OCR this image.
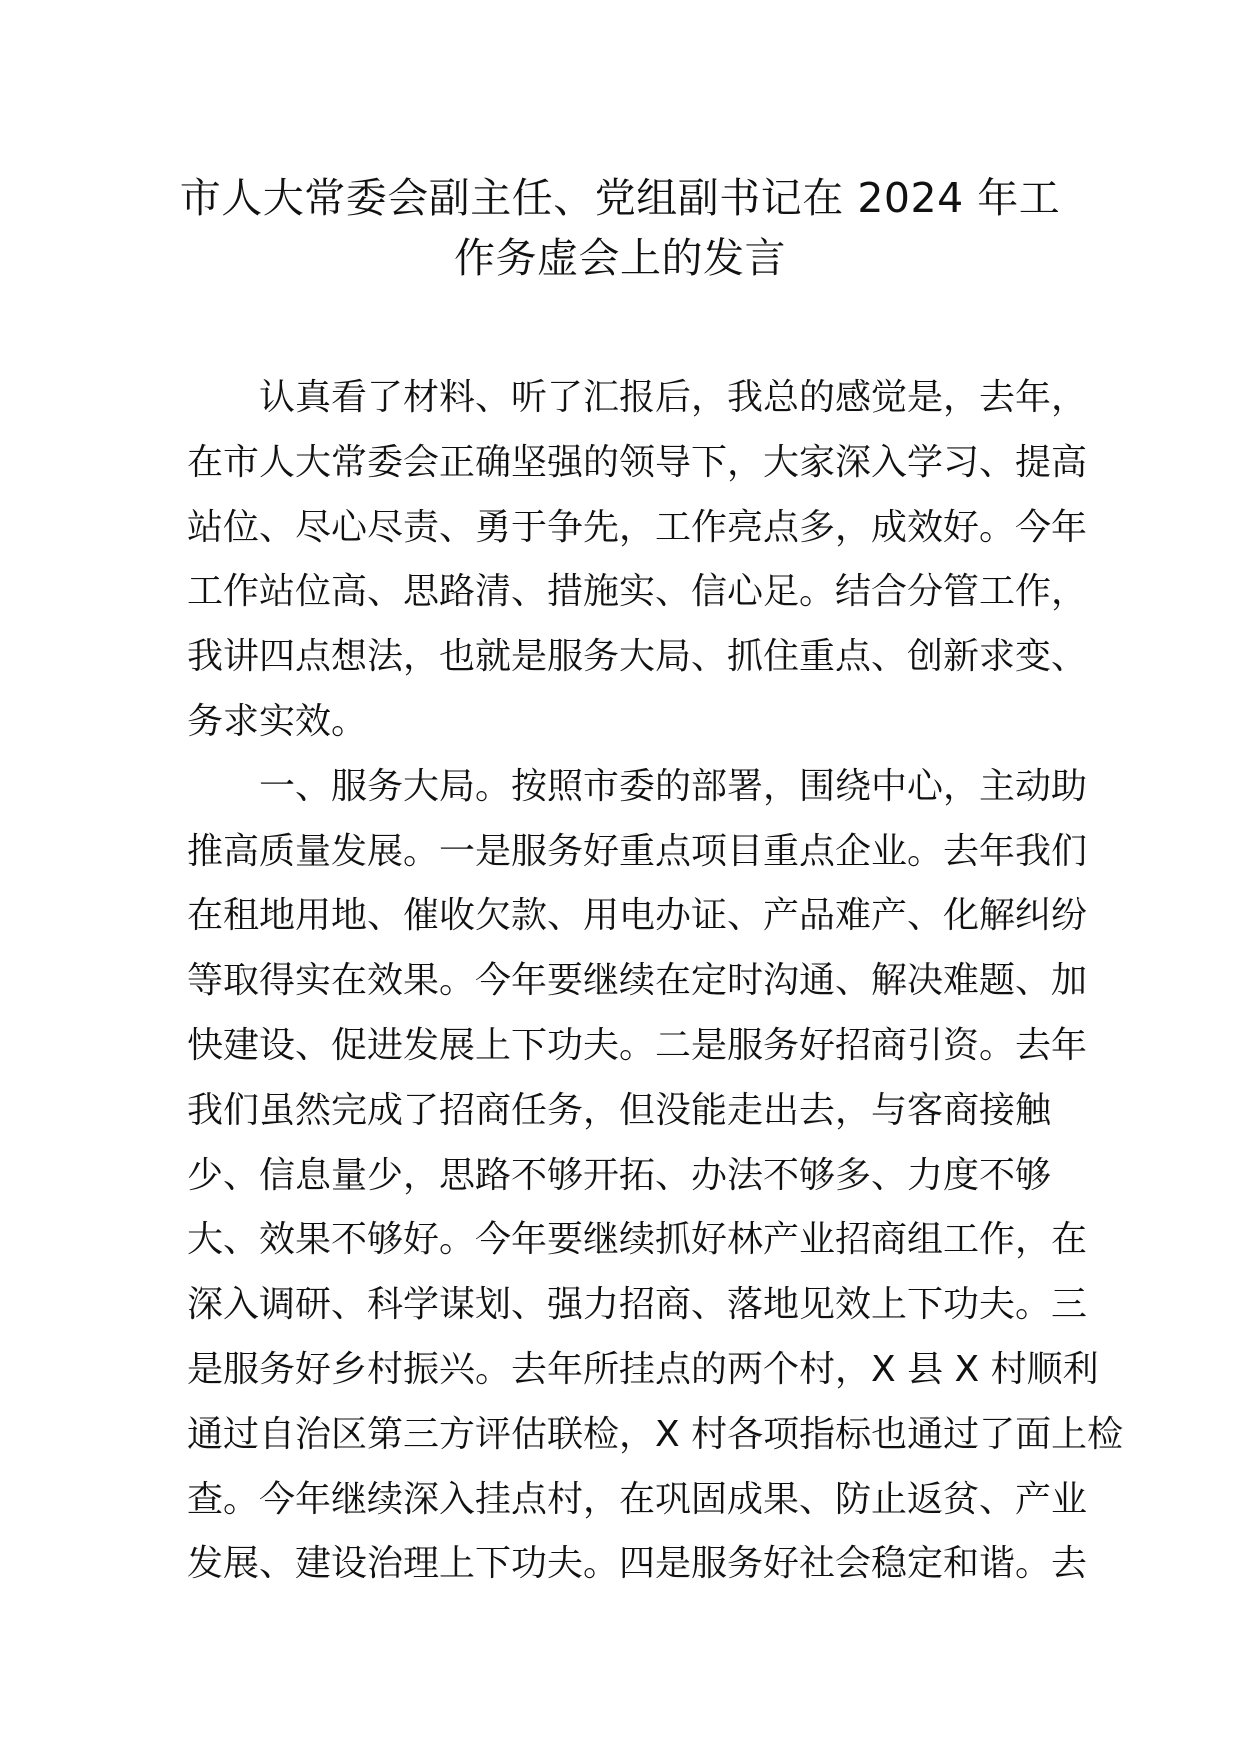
市人大常委会副主任、党组副书记在 2024 年工
作务虚会上的发言
认真看了材料、听了汇报后，我总的感觉是，去年，
在市人大常委会正确坚强的领导下，大家深入学习、提高
站位、尽心尽责、勇于争先，工作亮点多，成效好。今年
工作站位高、思路清、措施实、信心足。结合分管工作，
我讲四点想法，也就是服务大局、抓住重点、创新求变、
务求实效。
一、服务大局。按照市委的部署，围绕中心，主动助
推高质量发展。一是服务好重点项目重点企业。去年我们
在租地用地、催收欠款、用电办证、产品难产、化解纠纷
等取得实在效果。今年要继续在定时沟通、解决难题、加
快建设、促进发展上下功夫。二是服务好招商引资。去年
我们虽然完成了招商任务，但没能走出去，与客商接触
少、信息量少，思路不够开拓、办法不够多、力度不够
大、效果不够好。今年要继续抓好林产业招商组工作，在
深入调研、科学谋划、强力招商、落地见效上下功夫。三
是服务好乡村振兴。去年所挂点的两个村，X 县 X 村顺利
通过自治区第三方评估联检，X 村各项指标也通过了面上检
查。今年继续深入挂点村，在巩固成果、防止返贫、产业
发展、建设治理上下功夫。四是服务好社会稳定和谐。去
